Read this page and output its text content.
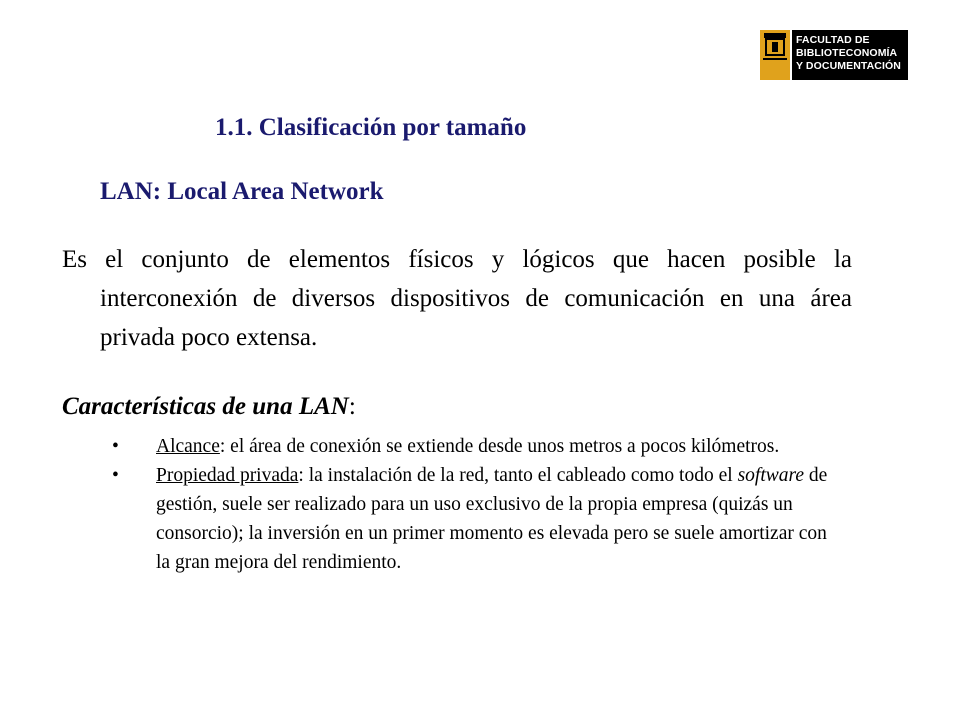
FACULTAD DE
BIBLIOTECONOMÍA
Y DOCUMENTACIÓN
1.1. Clasificación por tamaño
LAN: Local Area Network
Es el conjunto de elementos físicos y lógicos que hacen posible la interconexión de diversos dispositivos de comunicación en una área privada poco extensa.
Características de una LAN:
• Alcance: el área de conexión se extiende desde unos metros a pocos kilómetros.
• Propiedad privada: la instalación de la red, tanto el cableado como todo el software de gestión, suele ser realizado para un uso exclusivo de la propia empresa (quizás un consorcio); la inversión en un primer momento es elevada pero se suele amortizar con la gran mejora del rendimiento.
